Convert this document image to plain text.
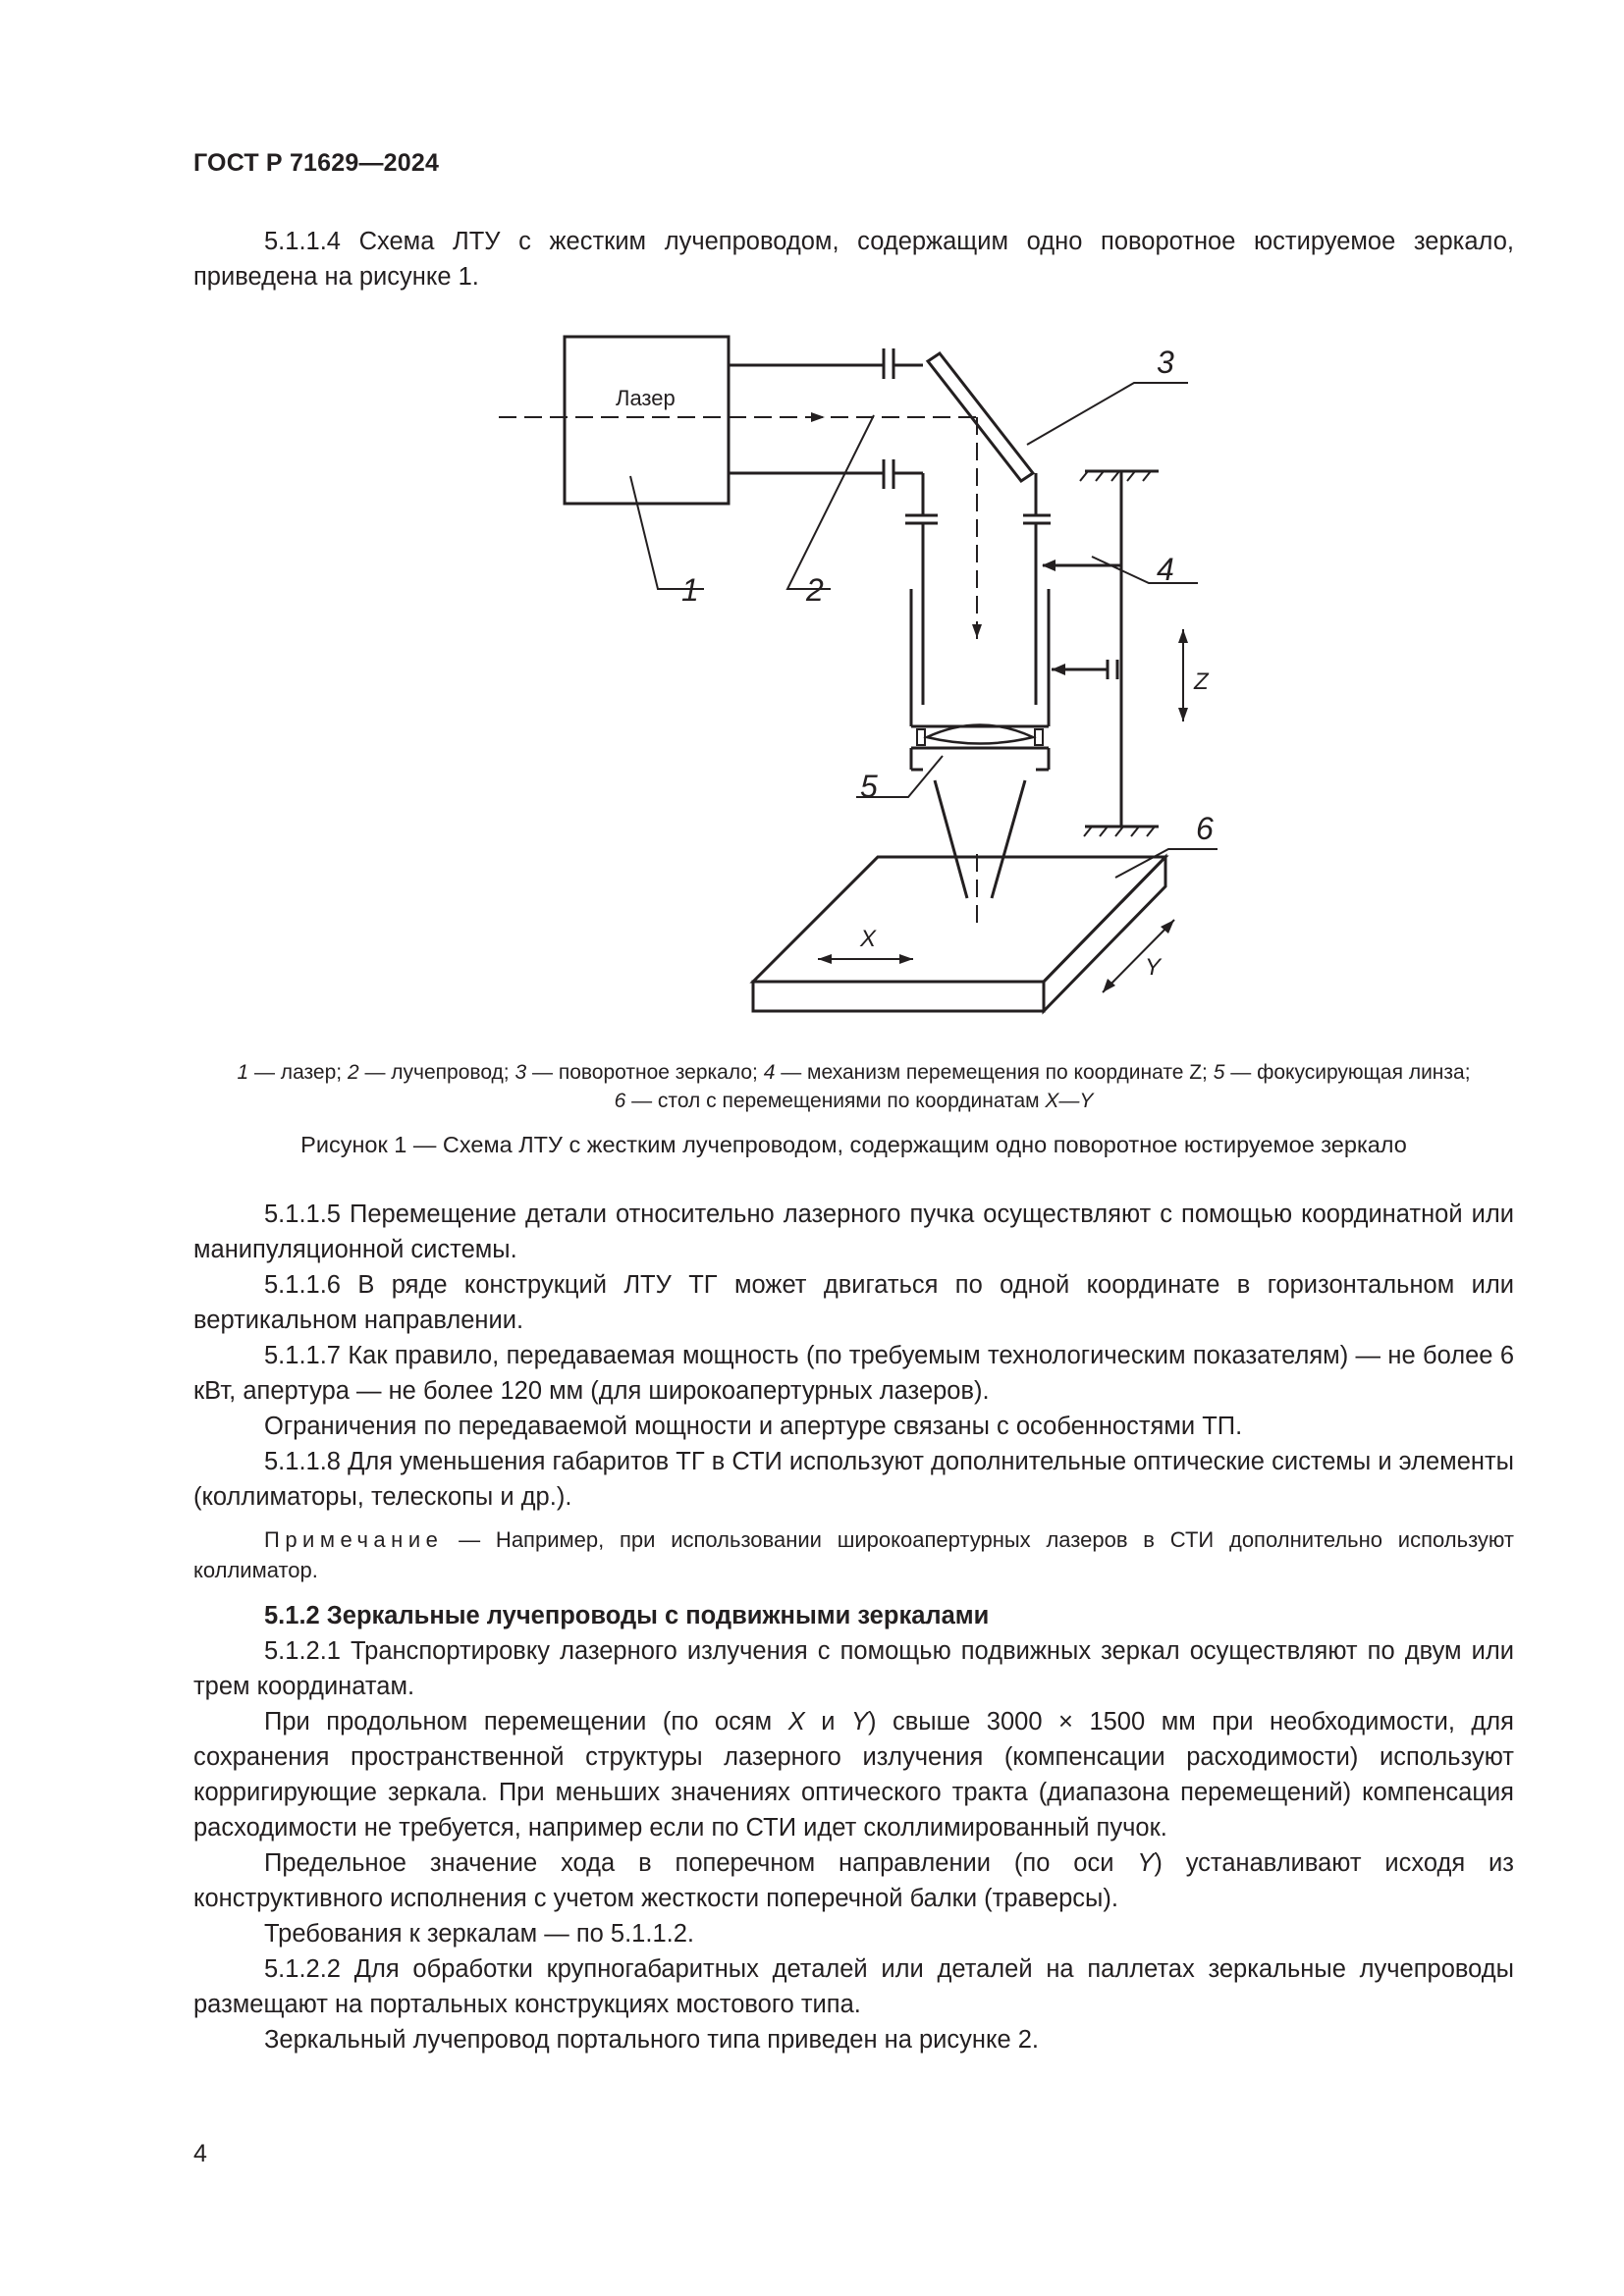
ГОСТ Р 71629—2024

5.1.1.4 Схема ЛТУ с жестким лучепроводом, содержащим одно поворотное юстируемое зеркало, приведена на рисунке 1.

Лазер
1	2
3
4
5
6
X
Y
Z
1 — лазер; 2 — лучепровод; 3 — поворотное зеркало; 4 — механизм перемещения по координате Z; 5 — фокусирующая линза;
6 — стол с перемещениями по координатам X—Y
Рисунок 1 — Схема ЛТУ с жестким лучепроводом, содержащим одно поворотное юстируемое зеркало

5.1.1.5 Перемещение детали относительно лазерного пучка осуществляют с помощью координатной или манипуляционной системы.

5.1.1.6 В ряде конструкций ЛТУ ТГ может двигаться по одной координате в горизонтальном или вертикальном направлении.

5.1.1.7 Как правило, передаваемая мощность (по требуемым технологическим показателям) — не более 6 кВт, апертура — не более 120 мм (для широкоапертурных лазеров).

Ограничения по передаваемой мощности и апертуре связаны с особенностями ТП.

5.1.1.8 Для уменьшения габаритов ТГ в СТИ используют дополнительные оптические системы и элементы (коллиматоры, телескопы и др.).

Примечание — Например, при использовании широкоапертурных лазеров в СТИ дополнительно используют коллиматор.

5.1.2 Зеркальные лучепроводы с подвижными зеркалами

5.1.2.1 Транспортировку лазерного излучения с помощью подвижных зеркал осуществляют по двум или трем координатам.

При продольном перемещении (по осям X и Y) свыше 3000 × 1500 мм при необходимости, для сохранения пространственной структуры лазерного излучения (компенсации расходимости) используют корригирующие зеркала. При меньших значениях оптического тракта (диапазона перемещений) компенсация расходимости не требуется, например если по СТИ идет сколлимированный пучок.

Предельное значение хода в поперечном направлении (по оси Y) устанавливают исходя из конструктивного исполнения с учетом жесткости поперечной балки (траверсы).

Требования к зеркалам — по 5.1.1.2.

5.1.2.2 Для обработки крупногабаритных деталей или деталей на паллетах зеркальные лучепроводы размещают на портальных конструкциях мостового типа.

Зеркальный лучепровод портального типа приведен на рисунке 2.

4
